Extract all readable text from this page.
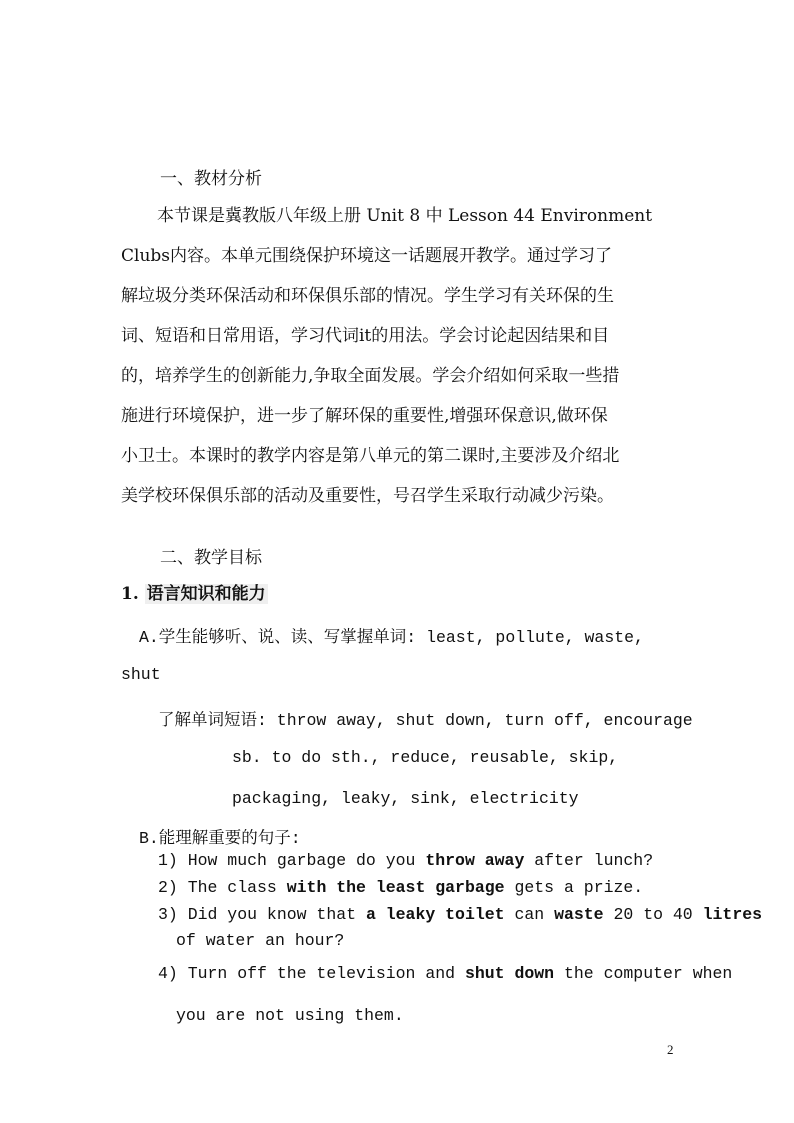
一、教材分析
本节课是冀教版八年级上册 Unit 8 中 Lesson 44 Environment
Clubs内容。本单元围绕保护环境这一话题展开教学。通过学习了
解垃圾分类环保活动和环保俱乐部的情况。学生学习有关环保的生
词、短语和日常用语，学习代词it的用法。学会讨论起因结果和目
的，培养学生的创新能力,争取全面发展。学会介绍如何采取一些措
施进行环境保护，进一步了解环保的重要性,增强环保意识,做环保
小卫士。本课时的教学内容是第八单元的第二课时,主要涉及介绍北
美学校环保俱乐部的活动及重要性，号召学生采取行动减少污染。
二、教学目标
1. 语言知识和能力
A.学生能够听、说、读、写掌握单词: least, pollute, waste,
shut
了解单词短语: throw away, shut down, turn off, encourage
sb. to do sth., reduce, reusable, skip,
packaging, leaky, sink, electricity
B.能理解重要的句子:
1) How much garbage do you throw away after lunch?
2) The class with the least garbage gets a prize.
3) Did you know that a leaky toilet can waste 20 to 40 litres
of water an hour?
4) Turn off the television and shut down the computer when
you are not using them.
2
